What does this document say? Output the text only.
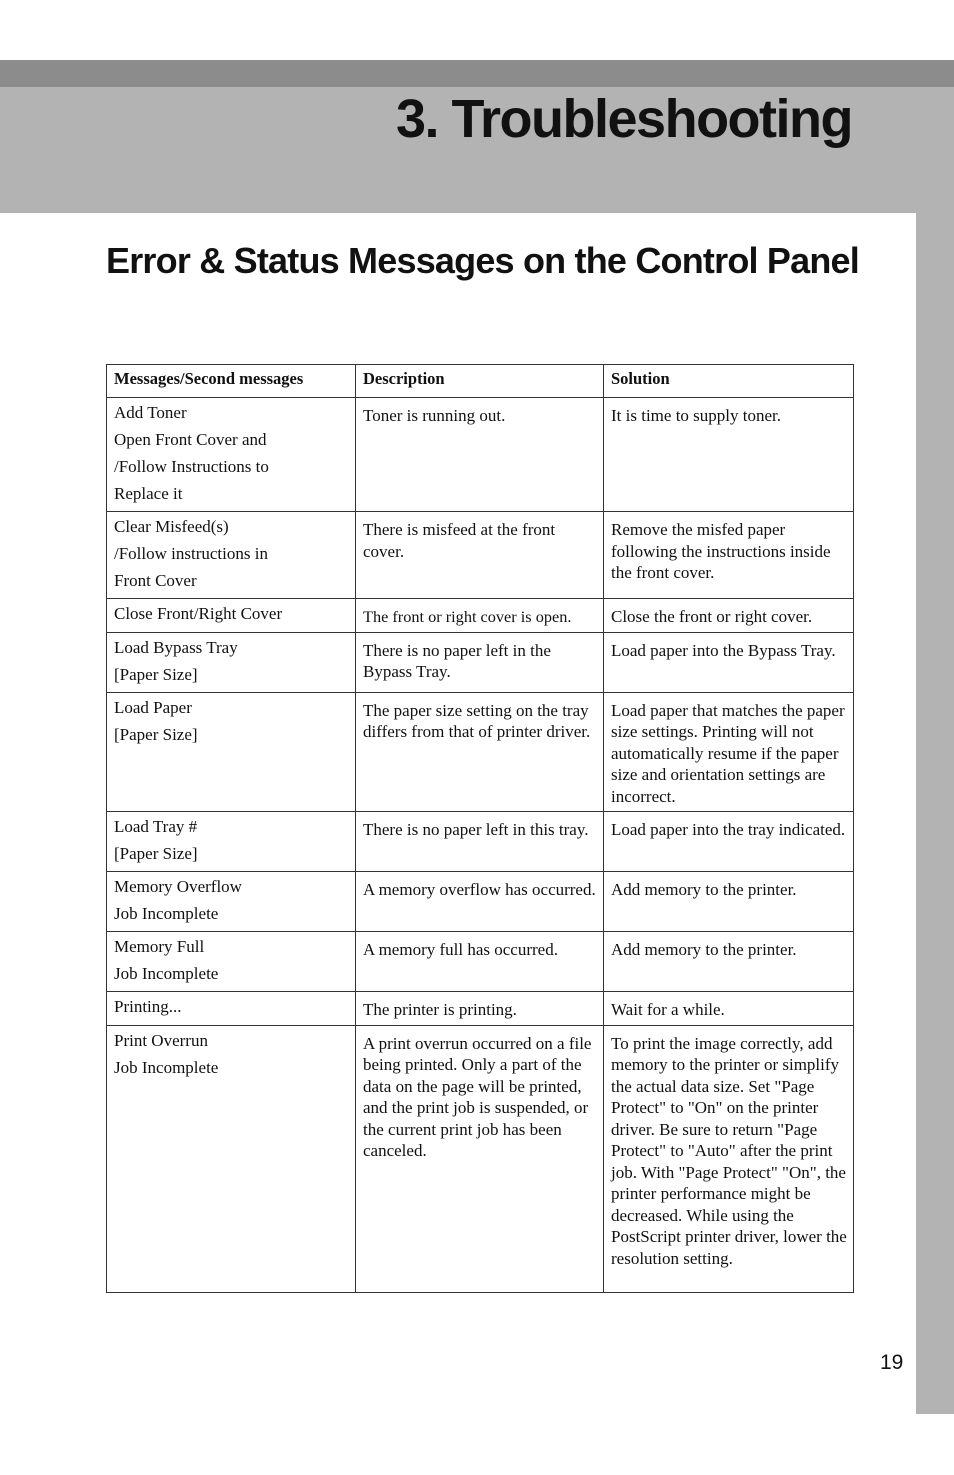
3. Troubleshooting
Error & Status Messages on the Control Panel
Messages/Second messages	Description	Solution

Add Toner
Open Front Cover and
/Follow Instructions to
Replace it	Toner is running out.	It is time to supply toner.

Clear Misfeed(s)
/Follow instructions in
Front Cover	There is misfeed at the front cover.	Remove the misfed paper following the instructions inside the front cover.

Close Front/Right Cover	The front or right cover is open.	Close the front or right cover.

Load Bypass Tray
[Paper Size]	There is no paper left in the Bypass Tray.	Load paper into the Bypass Tray.

Load Paper
[Paper Size]	The paper size setting on the tray differs from that of printer driver.	Load paper that matches the paper size settings. Printing will not automatically resume if the paper size and orientation settings are incorrect.

Load Tray #
[Paper Size]	There is no paper left in this tray.	Load paper into the tray indicated.

Memory Overflow
Job Incomplete	A memory overflow has occurred.	Add memory to the printer.

Memory Full
Job Incomplete	A memory full has occurred.	Add memory to the printer.

Printing...	The printer is printing.	Wait for a while.

Print Overrun
Job Incomplete	A print overrun occurred on a file being printed. Only a part of the data on the page will be printed, and the print job is suspended, or the current print job has been canceled.	To print the image correctly, add memory to the printer or simplify the actual data size. Set "Page Protect" to "On" on the printer driver. Be sure to return "Page Protect" to "Auto" after the print job. With "Page Protect" "On", the printer performance might be decreased. While using the PostScript printer driver, lower the resolution setting.
19
